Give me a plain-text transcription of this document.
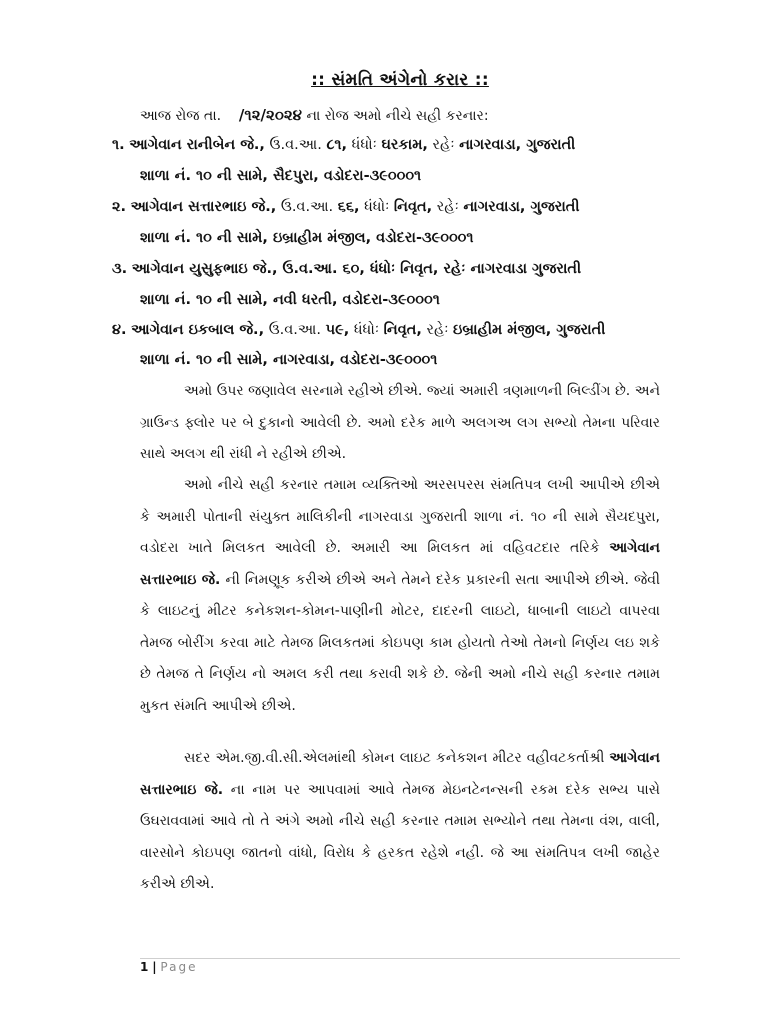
:: સંમતિ અંગેનો કરાર ::
આજ રોજ તા. /૧૨/૨૦૨૪ ના રોજ અમો નીચે સહી કરનાર:
૧. આગેવાન રાનીબેન જે., ઉ.વ.આ. ૮૧, ધંધોઃ ઘરકામ, રહેઃ નાગરવાડા, ગુજરાતી
શાળા નં. ૧૦ ની સામે, સૈદપુરા, વડોદરા-૩૯૦૦૦૧
૨. આગેવાન સત્તારભાઇ જે., ઉ.વ.આ. ૬૬, ધંધોઃ નિવૃત, રહેઃ નાગરવાડા, ગુજરાતી
શાળા નં. ૧૦ ની સામે, ઇબ્રાહીમ મંજીલ, વડોદરા-૩૯૦૦૦૧
૩. આગેવાન યુસુફભાઇ જે., ઉ.વ.આ. ૬૦, ધંધોઃ નિવૃત, રહેઃ નાગરવાડા ગુજરાતી
શાળા નં. ૧૦ ની સામે, નવી ધરતી, વડોદરા-૩૯૦૦૦૧
૪. આગેવાન ઇકબાલ જે., ઉ.વ.આ. ૫૯, ધંધોઃ નિવૃત, રહેઃ ઇબ્રાહીમ મંજીલ, ગુજરાતી
શાળા નં. ૧૦ ની સામે, નાગરવાડા, વડોદરા-૩૯૦૦૦૧
અમો ઉપર જણાવેલ સરનામે રહીએ છીએ. જ્યાં અમારી ત્રણમાળની બિલ્ડીંગ છે. અને ગ્રાઉન્ડ ફ્લોર પર બે દુકાનો આવેલી છે. અમો દરેક માળે અલગઅ લગ સભ્યો તેમના પરિવાર સાથે અલગ થી રાંધી ને રહીએ છીએ.
અમો નીચે સહી કરનાર તમામ વ્યક્તિઓ અરસપરસ સંમતિપત્ર લખી આપીએ છીએ કે અમારી પોતાની સંયુક્ત માલિકીની નાગરવાડા ગુજરાતી શાળા નં. ૧૦ ની સામે સૈયદપુરા, વડોદરા ખાતે મિલકત આવેલી છે. અમારી આ મિલકત માં વહિવટદાર તરિકે આગેવાન સત્તારભાઇ જે. ની નિમણૂક કરીએ છીએ અને તેમને દરેક પ્રકારની સતા આપીએ છીએ. જેવી કે લાઇટનું મીટર કનેકશન-કોમન-પાણીની મોટર, દાદરની લાઇટો, ધાબાની લાઇટો વાપરવા તેમજ બોરીંગ કરવા માટે તેમજ મિલકતમાં કોઇપણ કામ હોયતો તેઓ તેમનો નિર્ણય લઇ શકે છે તેમજ તે નિર્ણય નો અમલ કરી તથા કરાવી શકે છે. જેની અમો નીચે સહી કરનાર તમામ મુકત સંમતિ આપીએ છીએ.
સદર એમ.જી.વી.સી.એલમાંથી કોમન લાઇટ કનેકશન મીટર વહીવટકર્તાશ્રી આગેવાન સત્તારભાઇ જે. ના નામ પર આપવામાં આવે તેમજ મેઇનટેનન્સની રકમ દરેક સભ્ય પાસે ઉઘરાવવામાં આવે તો તે અંગે અમો નીચે સહી કરનાર તમામ સભ્યોને તથા તેમના વંશ, વાલી, વારસોને કોઇપણ જાતનો વાંધો, વિરોધ કે હરકત રહેશે નહી. જે આ સંમતિપત્ર લખી જાહેર કરીએ છીએ.
1 | Page
